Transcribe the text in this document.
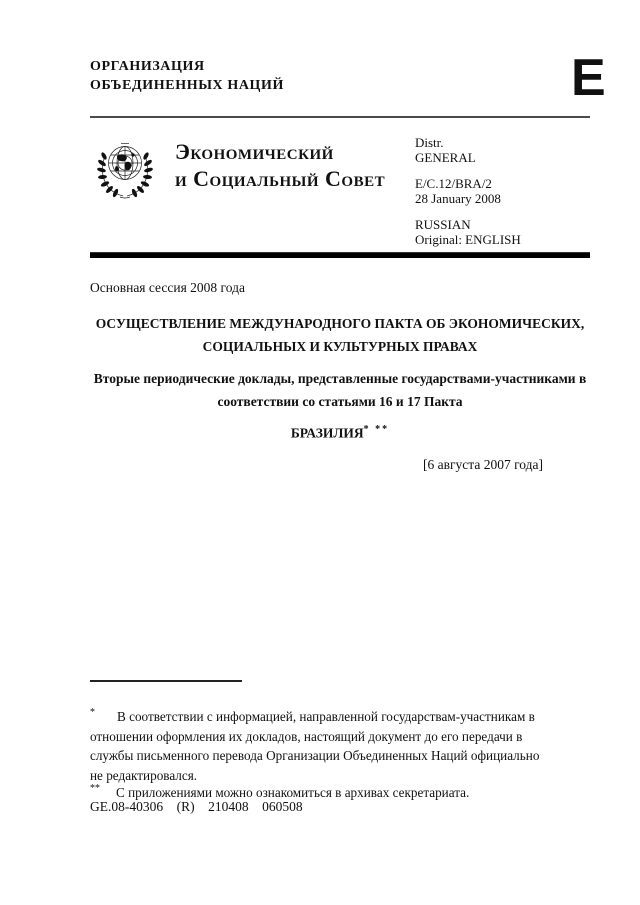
ОРГАНИЗАЦИЯ
ОБЪЕДИНЕННЫХ НАЦИЙ	E
Экономический
и Социальный Совет
Distr.
GENERAL
E/C.12/BRA/2
28 January 2008
RUSSIAN
Original: ENGLISH
Основная сессия 2008 года
ОСУЩЕСТВЛЕНИЕ МЕЖДУНАРОДНОГО ПАКТА ОБ ЭКОНОМИЧЕСКИХ,
СОЦИАЛЬНЫХ И КУЛЬТУРНЫХ ПРАВАХ
Вторые периодические доклады, представленные государствами-участниками в
соответствии со статьями 16 и 17 Пакта
БРАЗИЛИЯ* **
[6 августа 2007 года]

* В соответствии с информацией, направленной государствам-участникам в отношении оформления их докладов, настоящий документ до его передачи в службы письменного перевода Организации Объединенных Наций официально не редактировался.

** С приложениями можно ознакомиться в архивах секретариата.

GE.08-40306    (R)    210408    060508
